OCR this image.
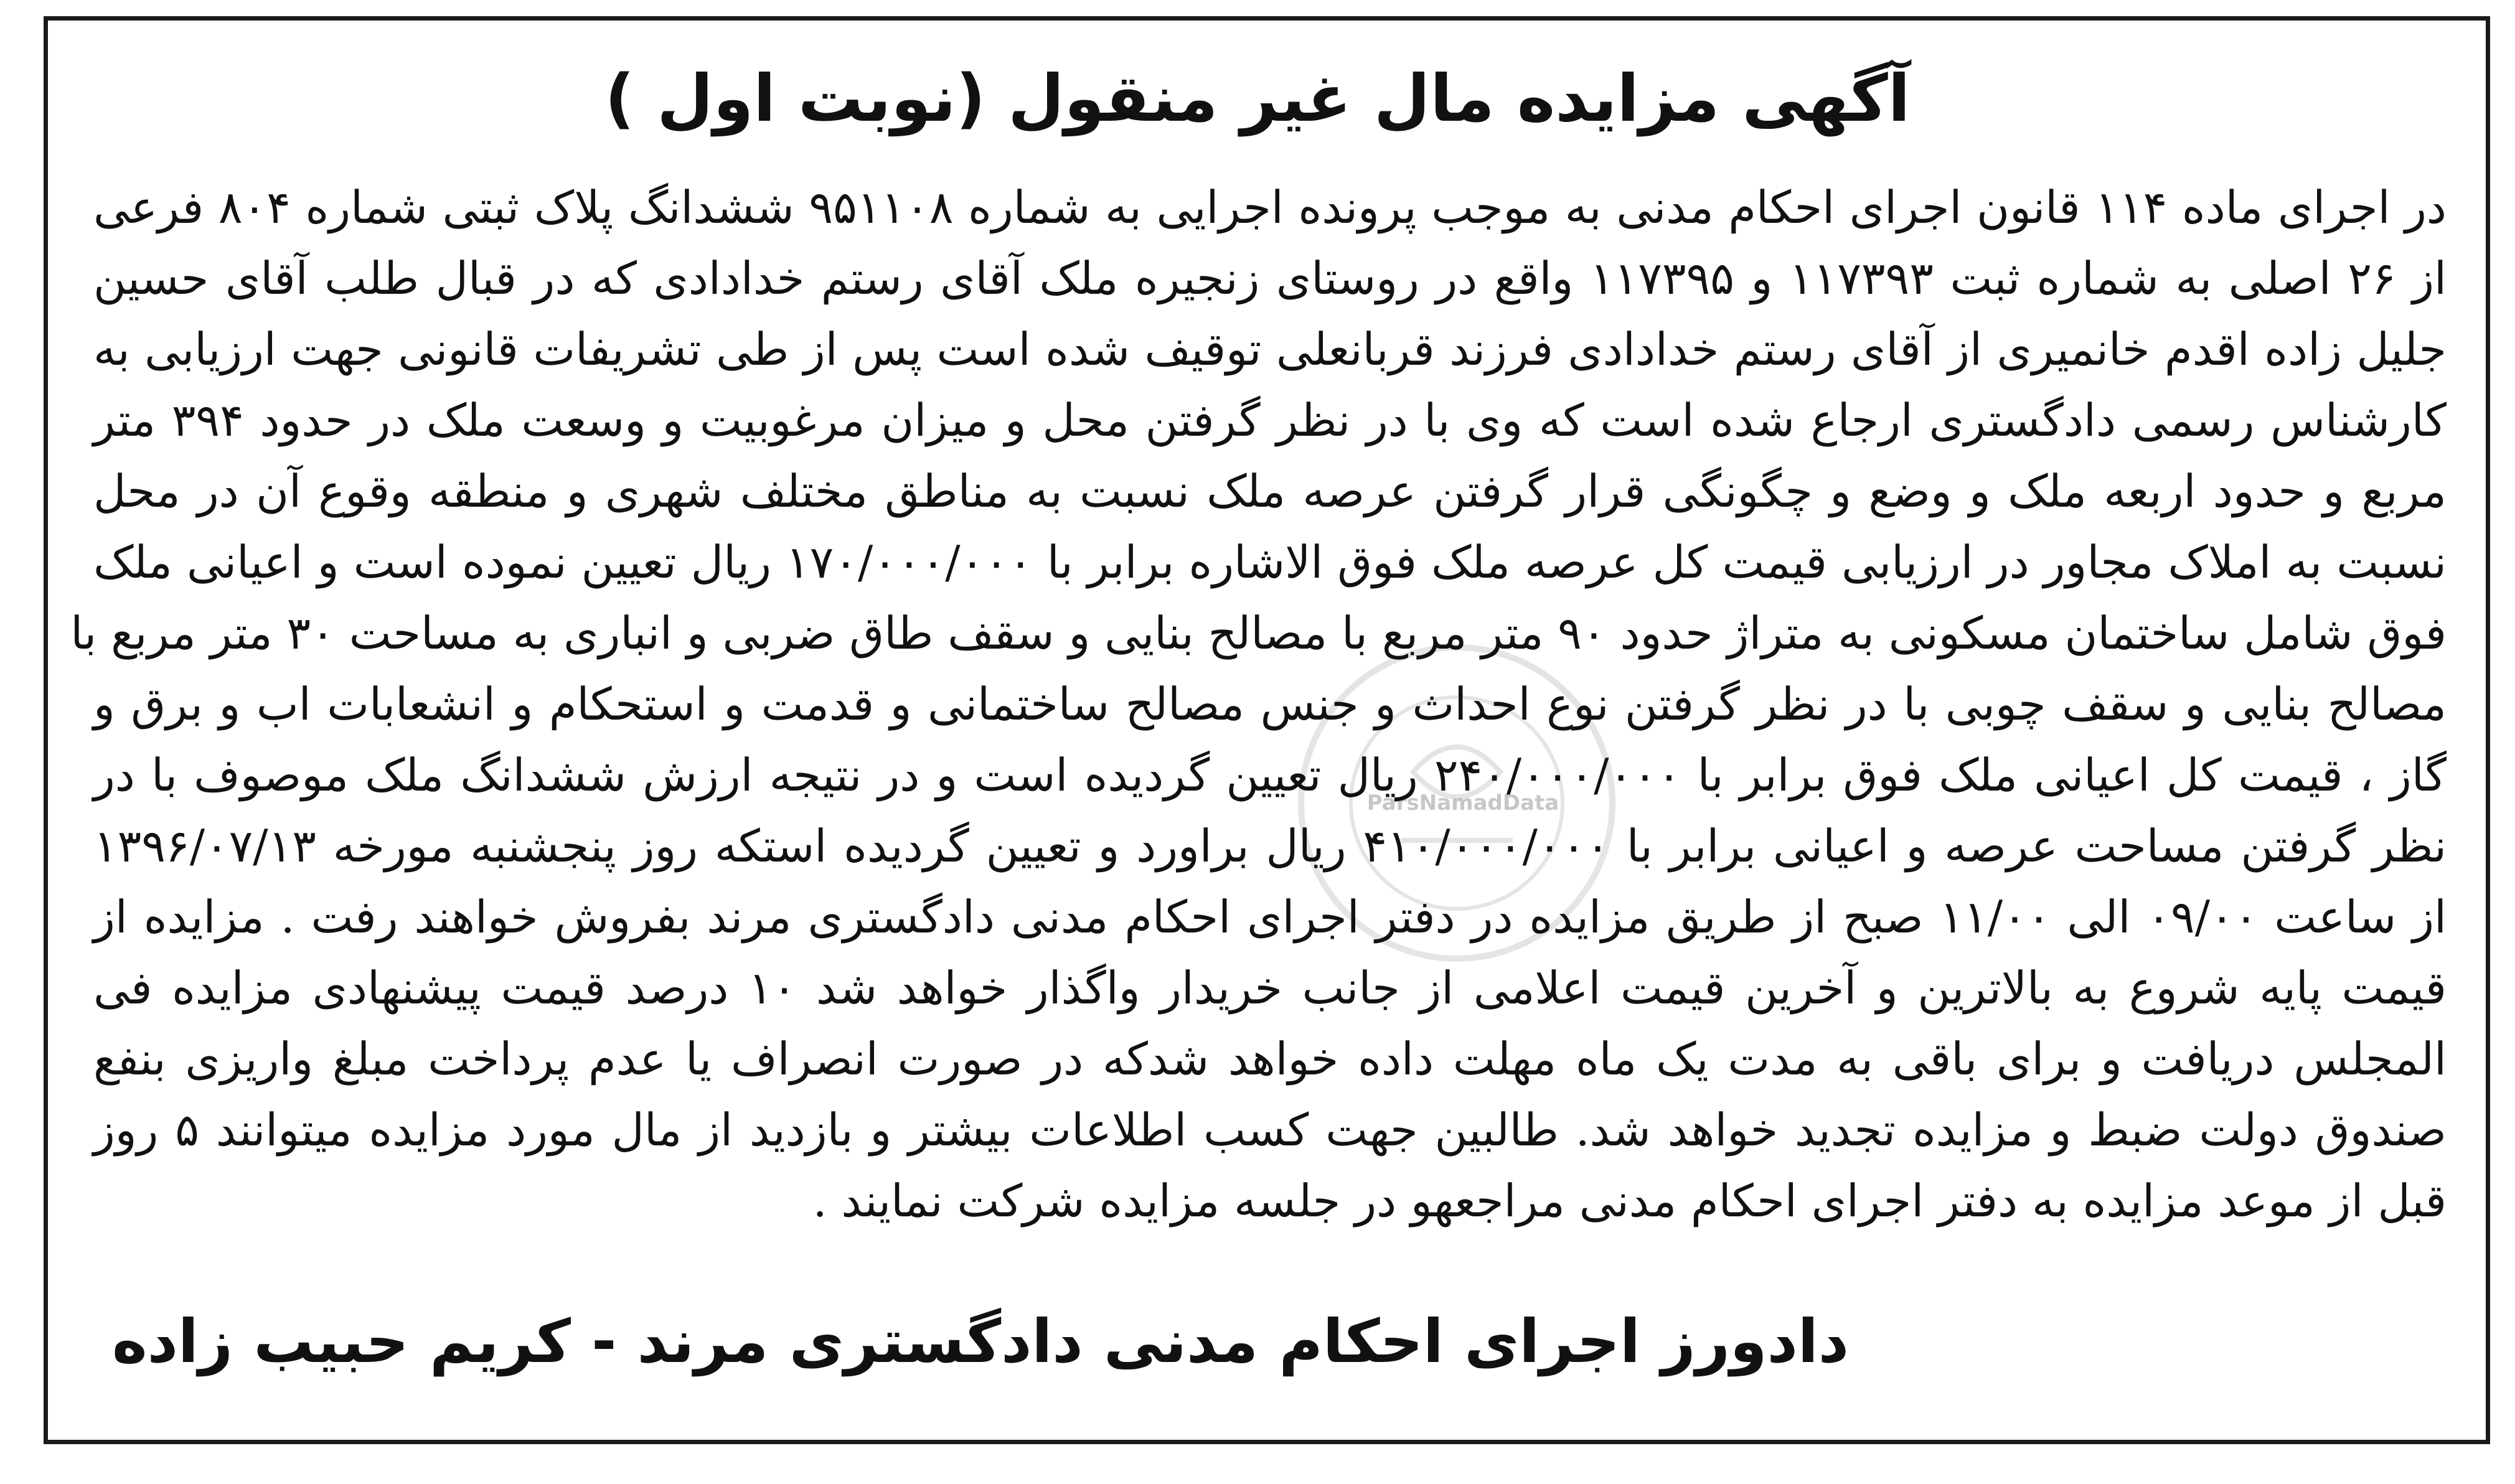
ParsNamadData
آگهی مزایده مال غیر منقول (نوبت اول )
در اجرای ماده ۱۱۴ قانون اجرای احکام مدنی به موجب پرونده اجرایی به شماره ۹۵۱۱۰۸ ششدانگ پلاک ثبتی شماره ۸۰۴ فرعی
از ۲۶ اصلی به شماره ثبت ۱۱۷۳۹۳ و ۱۱۷۳۹۵ واقع در روستای زنجیره ملک آقای رستم خدادادی که در قبال طلب آقای حسین
جلیل زاده اقدم خانمیری از آقای رستم خدادادی فرزند قربانعلی توقیف شده است پس از طی تشریفات قانونی جهت ارزیابی به
کارشناس رسمی دادگستری ارجاع شده است که وی با در نظر گرفتن محل و میزان مرغوبیت و وسعت ملک در حدود ۳۹۴ متر
مربع و حدود اربعه ملک و وضع و چگونگی قرار گرفتن عرصه ملک نسبت به مناطق مختلف شهری و منطقه وقوع آن در محل
نسبت به املاک مجاور در ارزیابی قیمت کل عرصه ملک فوق الاشاره برابر با ۱۷۰/۰۰۰/۰۰۰ ریال تعیین نموده است و اعیانی ملک
فوق شامل ساختمان مسکونی به متراژ حدود ۹۰ متر مربع با مصالح بنایی و سقف طاق ضربی و انباری به مساحت ۳۰ متر مربع با
مصالح بنایی و سقف چوبی با در نظر گرفتن نوع احداث و جنس مصالح ساختمانی و قدمت و استحکام و انشعابات اب و برق و
گاز ، قیمت کل اعیانی ملک فوق برابر با ۲۴۰/۰۰۰/۰۰۰ ریال تعیین گردیده است و در نتیجه ارزش ششدانگ ملک موصوف با در
نظر گرفتن مساحت عرصه و اعیانی برابر با ۴۱۰/۰۰۰/۰۰۰ ریال براورد و تعیین گردیده استکه روز پنجشنبه مورخه ۱۳۹۶/۰۷/۱۳
از ساعت ۰۹/۰۰ الی ۱۱/۰۰ صبح از طریق مزایده در دفتر اجرای احکام مدنی دادگستری مرند بفروش خواهند رفت . مزایده از
قیمت پایه شروع به بالاترین و آخرین قیمت اعلامی از جانب خریدار واگذار خواهد شد ۱۰ درصد قیمت پیشنهادی مزایده فی
المجلس دریافت و برای باقی به مدت یک ماه مهلت داده خواهد شدکه در صورت انصراف یا عدم پرداخت مبلغ واریزی بنفع
صندوق دولت ضبط و مزایده تجدید خواهد شد. طالبین جهت کسب اطلاعات بیشتر و بازدید از مال مورد مزایده میتوانند ۵ روز
قبل از موعد مزایده به دفتر اجرای احکام مدنی مراجعهو در جلسه مزایده شرکت نمایند .
دادورز اجرای احکام مدنی دادگستری مرند - کریم حبیب زاده
